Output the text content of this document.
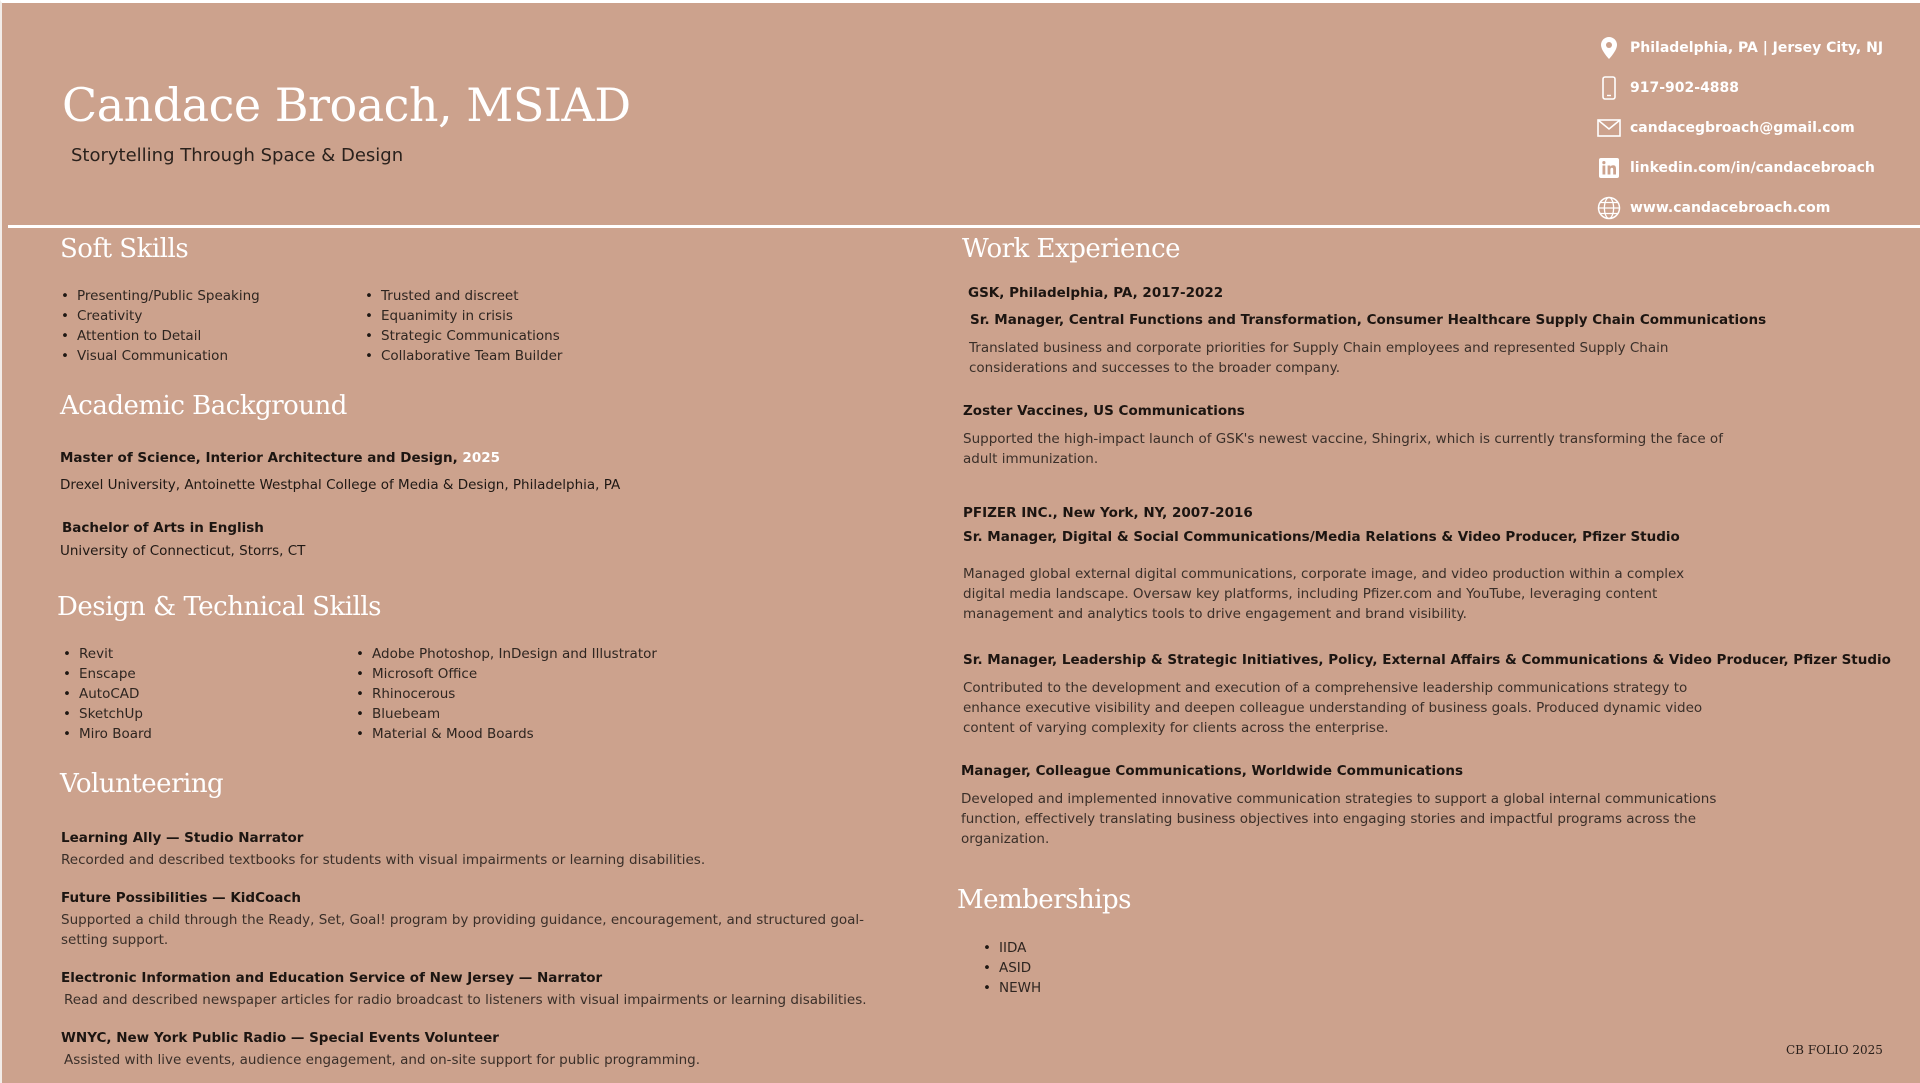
Candace Broach, MSIAD
Storytelling Through Space & Design
Philadelphia, PA | Jersey City, NJ
917-902-4888
candacegbroach@gmail.com
linkedin.com/in/candacebroach
www.candacebroach.com
Soft Skills
• Presenting/Public Speaking
• Creativity
• Attention to Detail
• Visual Communication
• Trusted and discreet
• Equanimity in crisis
• Strategic Communications
• Collaborative Team Builder
Academic Background
Master of Science, Interior Architecture and Design, 2025
Drexel University, Antoinette Westphal College of Media & Design, Philadelphia, PA
Bachelor of Arts in English
University of Connecticut, Storrs, CT
Design & Technical Skills
• Revit
• Enscape
• AutoCAD
• SketchUp
• Miro Board
• Adobe Photoshop, InDesign and Illustrator
• Microsoft Office
• Rhinocerous
• Bluebeam
• Material & Mood Boards
Volunteering
Learning Ally — Studio Narrator
Recorded and described textbooks for students with visual impairments or learning disabilities.
Future Possibilities — KidCoach
Supported a child through the Ready, Set, Goal! program by providing guidance, encouragement, and structured goal-setting support.
Electronic Information and Education Service of New Jersey — Narrator
Read and described newspaper articles for radio broadcast to listeners with visual impairments or learning disabilities.
WNYC, New York Public Radio — Special Events Volunteer
Assisted with live events, audience engagement, and on-site support for public programming.
Work Experience
GSK, Philadelphia, PA, 2017-2022
Sr. Manager, Central Functions and Transformation, Consumer Healthcare Supply Chain Communications
Translated business and corporate priorities for Supply Chain employees and represented Supply Chain considerations and successes to the broader company.
Zoster Vaccines, US Communications
Supported the high-impact launch of GSK's newest vaccine, Shingrix, which is currently transforming the face of adult immunization.
PFIZER INC., New York, NY, 2007-2016
Sr. Manager, Digital & Social Communications/Media Relations & Video Producer, Pfizer Studio
Managed global external digital communications, corporate image, and video production within a complex digital media landscape. Oversaw key platforms, including Pfizer.com and YouTube, leveraging content management and analytics tools to drive engagement and brand visibility.
Sr. Manager, Leadership & Strategic Initiatives, Policy, External Affairs & Communications & Video Producer, Pfizer Studio
Contributed to the development and execution of a comprehensive leadership communications strategy to enhance executive visibility and deepen colleague understanding of business goals. Produced dynamic video content of varying complexity for clients across the enterprise.
Manager, Colleague Communications, Worldwide Communications
Developed and implemented innovative communication strategies to support a global internal communications function, effectively translating business objectives into engaging stories and impactful programs across the organization.
Memberships
• IIDA
• ASID
• NEWH
CB FOLIO 2025
